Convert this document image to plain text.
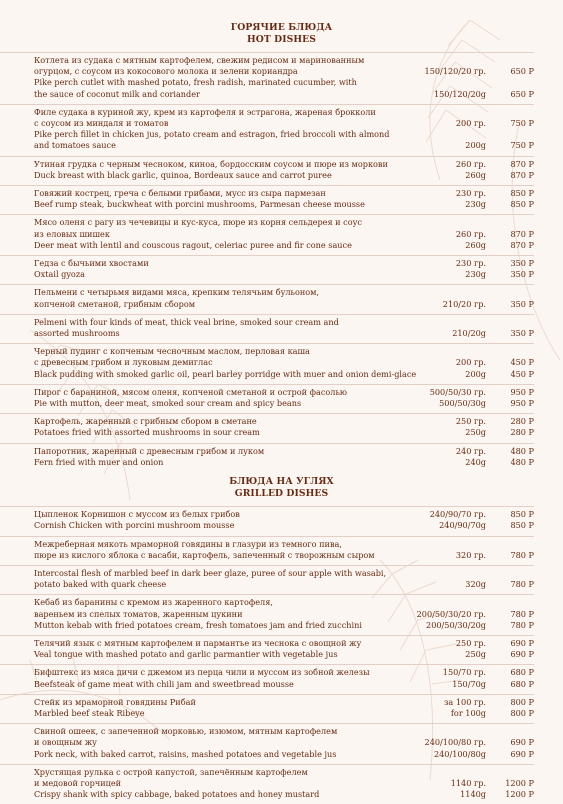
ГОРЯЧИЕ БЛЮДА
HOT DISHES
Котлета из судака с мятным картофелем, свежим редисом и маринованным
огурцом, с соусом из кокосового молока и зелени кориандра	150/120/20 гр.	650 Р
Pike perch cutlet with mashed potato, fresh radish, marinated cucumber, with
the sauce of coconut milk and coriander	150/120/20g	650 Р
Филе судака в куриной жу, крем из картофеля и эстрагона, жареная брокколи
с соусом из миндаля и томатов	200 гр.	750 Р
Pike perch fillet in chicken jus, potato cream and estragon, fried broccoli with almond
and tomatoes sauce	200g	750 Р
Утиная грудка с черным чесноком, киноа, бордосским соусом и пюре из моркови	260 гр.	870 Р
Duck breast with black garlic, quinoa, Bordeaux sauce and carrot puree	260g	870 Р
Говяжий кострец, греча с белыми грибами, мусс из сыра пармезан	230 гр.	850 Р
Beef rump steak, buckwheat with porcini mushrooms, Parmesan cheese mousse	230g	850 Р
Мясо оленя с рагу из чечевицы и кус-куса, пюре из корня сельдерея и соус
из еловых шишек	260 гр.	870 Р
Deer meat with lentil and couscous ragout, celeriac puree and fir cone sauce	260g	870 Р
Гедза с бычьими хвостами	230 гр.	350 Р
Oxtail gyoza	230g	350 Р
Пельмени с четырьмя видами мяса, крепким телячьим бульоном,
копченой сметаной, грибным сбором	210/20 гр.	350 Р
Pelmeni with four kinds of meat, thick veal brine, smoked sour cream and
assorted mushrooms	210/20g	350 Р
Черный пудинг с копченым чесночным маслом, перловая каша
с древесным грибом и луковым демиглас	200 гр.	450 Р
Black pudding with smoked garlic oil, pearl barley porridge with muer and onion demi-glace	200g	450 Р
Пирог с бараниной, мясом оленя, копченой сметаной и острой фасолью	500/50/30 гр.	950 Р
Pie with mutton, deer meat, smoked sour cream and spicy beans	500/50/30g	950 Р
Картофель, жаренный с грибным сбором в сметане	250 гр.	280 Р
Potatoes fried with assorted mushrooms in sour cream	250g	280 Р
Папоротник, жаренный с древесным грибом и луком	240 гр.	480 Р
Fern fried with muer and onion	240g	480 Р
БЛЮДА НА УГЛЯХ
GRILLED DISHES
Цыпленок Корнишон с муссом из белых грибов	240/90/70 гр.	850 Р
Cornish Chicken with porcini mushroom mousse	240/90/70g	850 Р
Межреберная мякоть мраморной говядины в глазури из темного пива,
пюре из кислого яблока с васаби, картофель, запеченный с творожным сыром	320 гр.	780 Р
Intercostal flesh of marbled beef in dark beer glaze, puree of sour apple with wasabi,
potato baked with quark cheese	320g	780 Р
Кебаб из баранины с кремом из жаренного картофеля,
вареньем из спелых томатов, жаренным цукини	200/50/30/20 гр.	780 Р
Mutton kebab with fried potatoes cream, fresh tomatoes jam and fried zucchini	200/50/30/20g	780 Р
Телячий язык с мятным картофелем и пармантье из чеснока с овощной жу	250 гр.	690 Р
Veal tongue with mashed potato and garlic parmantier with vegetable jus	250g	690 Р
Бифштекс из мяса дичи с джемом из перца чили и муссом из зобной железы	150/70 гр.	680 Р
Beefsteak of game meat with chili jam and sweetbread mousse	150/70g	680 Р
Стейк из мраморной говядины Рибай	за 100 гр.	800 Р
Marbled beef steak Ribeye	for 100g	800 Р
Свиной ошеек, с запеченной морковью, изюмом, мятным картофелем
и овощным жу	240/100/80 гр.	690 Р
Pork neck, with baked carrot, raisins, mashed potatoes and vegetable jus	240/100/80g	690 Р
Хрустящая рулька с острой капустой, запечённым картофелем
и медовой горчицей	1140 гр.	1200 Р
Crispy shank with spicy cabbage, baked potatoes and honey mustard	1140g	1200 Р
